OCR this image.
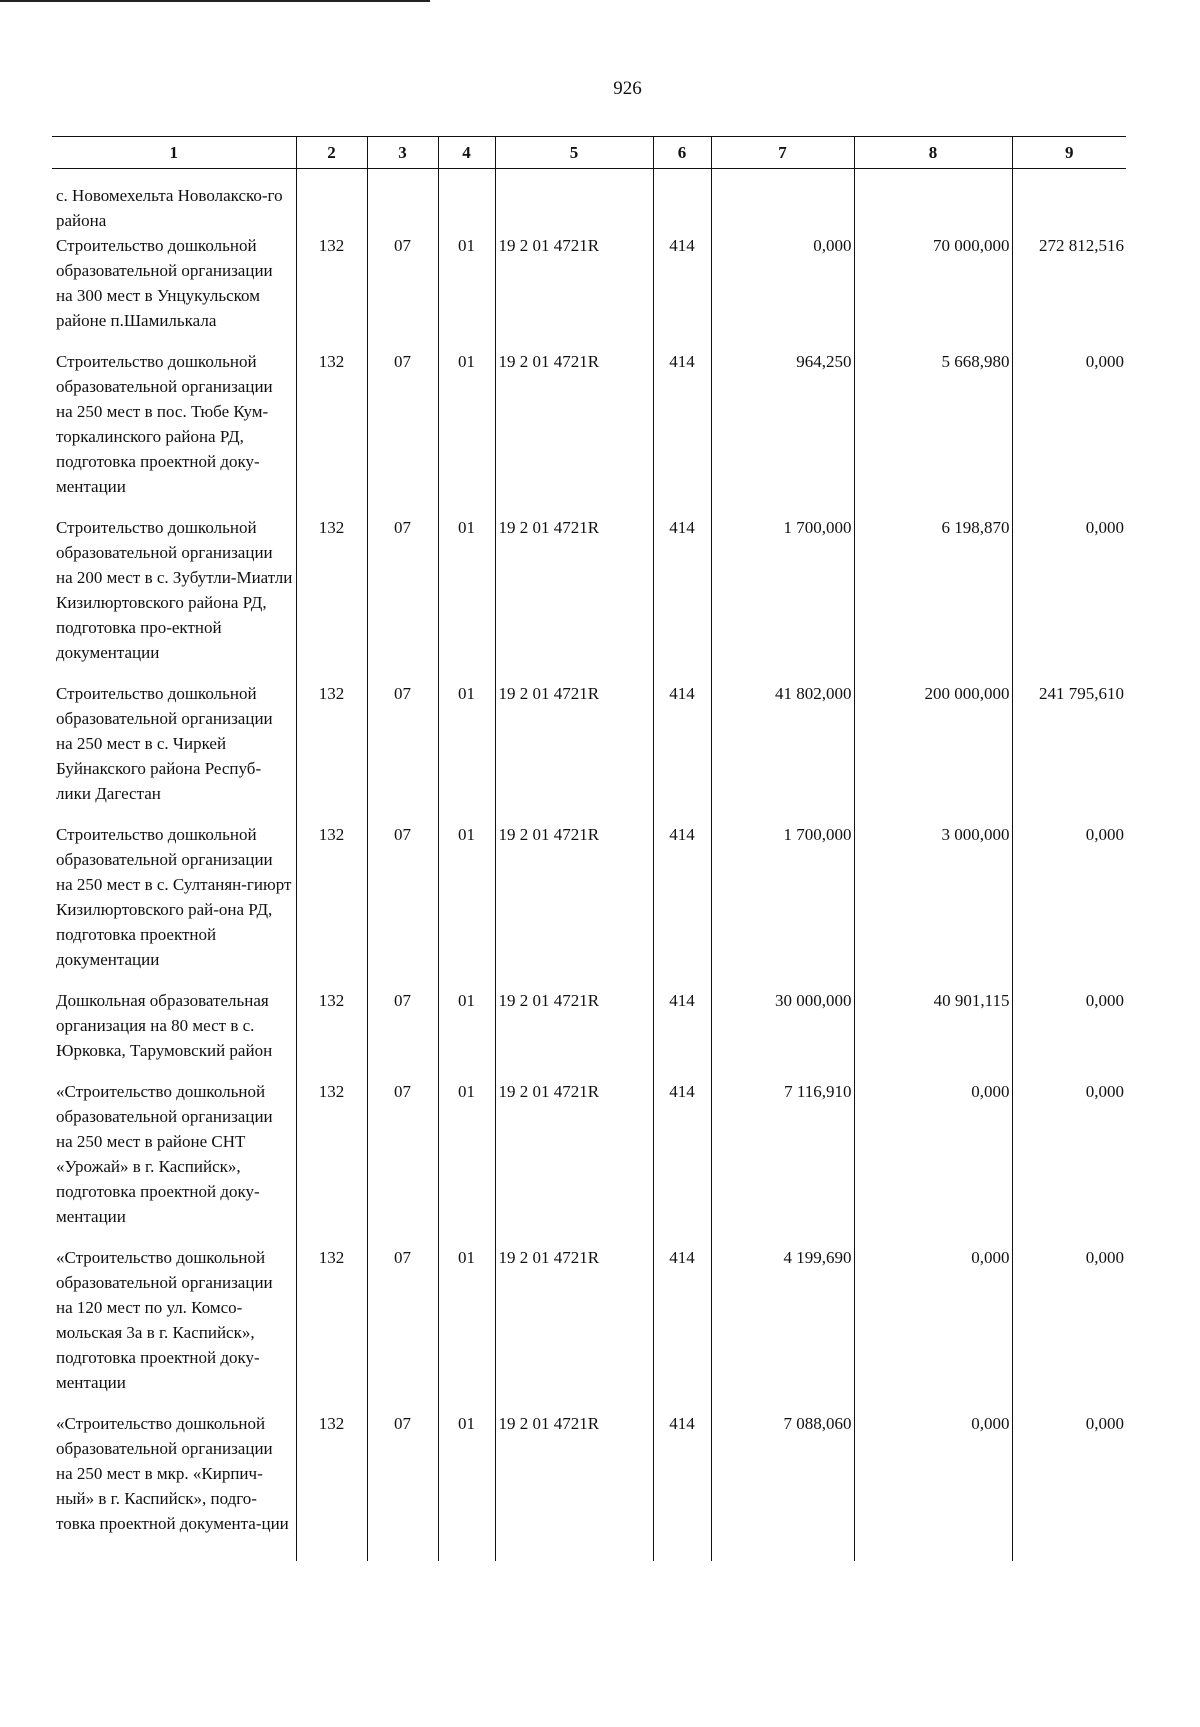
926
1	2	3	4	5	6	7	8	9
с. Новомехельта Новолакско-го района								
Строительство дошкольной образовательной организации на 300 мест в Унцукульском районе п.Шамилькала	132	07	01	19 2 01 4721R	414	0,000	70 000,000	272 812,516
Строительство дошкольной образовательной организации на 250 мест в пос. Тюбе Кум-торкалинского района РД, подготовка проектной доку-ментации	132	07	01	19 2 01 4721R	414	964,250	5 668,980	0,000
Строительство дошкольной образовательной организации на 200 мест в с. Зубутли-Миатли Кизилюртовского района РД, подготовка про-ектной документации	132	07	01	19 2 01 4721R	414	1 700,000	6 198,870	0,000
Строительство дошкольной образовательной организации на 250 мест в с. Чиркей Буйнакского района Респуб-лики Дагестан	132	07	01	19 2 01 4721R	414	41 802,000	200 000,000	241 795,610
Строительство дошкольной образовательной организации на 250 мест в с. Султанян-гиюрт Кизилюртовского рай-она РД, подготовка проектной документации	132	07	01	19 2 01 4721R	414	1 700,000	3 000,000	0,000
Дошкольная образовательная организация на 80 мест в с. Юрковка, Тарумовский район	132	07	01	19 2 01 4721R	414	30 000,000	40 901,115	0,000
«Строительство дошкольной образовательной организации на 250 мест в районе СНТ «Урожай» в г. Каспийск», подготовка проектной доку-ментации	132	07	01	19 2 01 4721R	414	7 116,910	0,000	0,000
«Строительство дошкольной образовательной организации на 120 мест по ул. Комсо-мольская 3а в г. Каспийск», подготовка проектной доку-ментации	132	07	01	19 2 01 4721R	414	4 199,690	0,000	0,000
«Строительство дошкольной образовательной организации на 250 мест в мкр. «Кирпич-ный» в г. Каспийск», подго-товка проектной документа-ции	132	07	01	19 2 01 4721R	414	7 088,060	0,000	0,000
